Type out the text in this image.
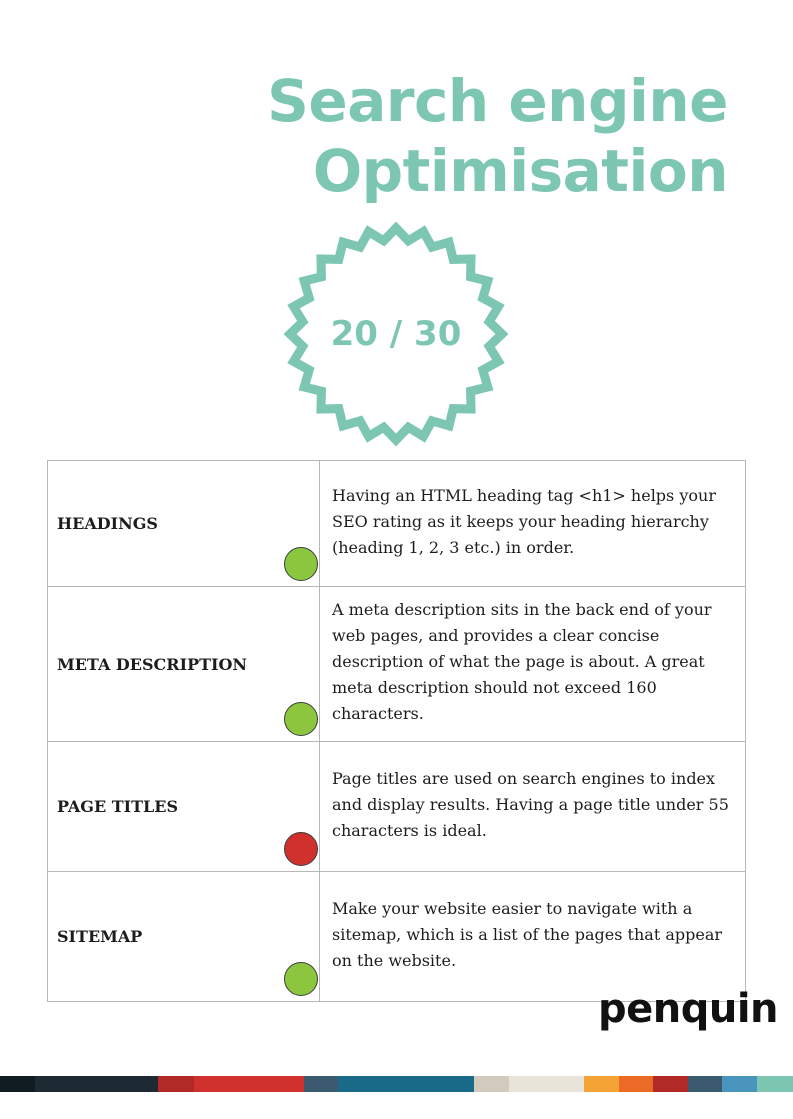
Search engine
Optimisation
20 / 30
HEADINGS	Having an HTML heading tag <h1> helps your SEO rating as it keeps your heading hierarchy (heading 1, 2, 3 etc.) in order.
META DESCRIPTION	A meta description sits in the back end of your web pages, and provides a clear concise description of what the page is about. A great meta description should not exceed 160 characters.
PAGE TITLES	Page titles are used on search engines to index and display results. Having a page title under 55 characters is ideal.
SITEMAP	Make your website easier to navigate with a sitemap, which is a list of the pages that appear on the website.
penquin
